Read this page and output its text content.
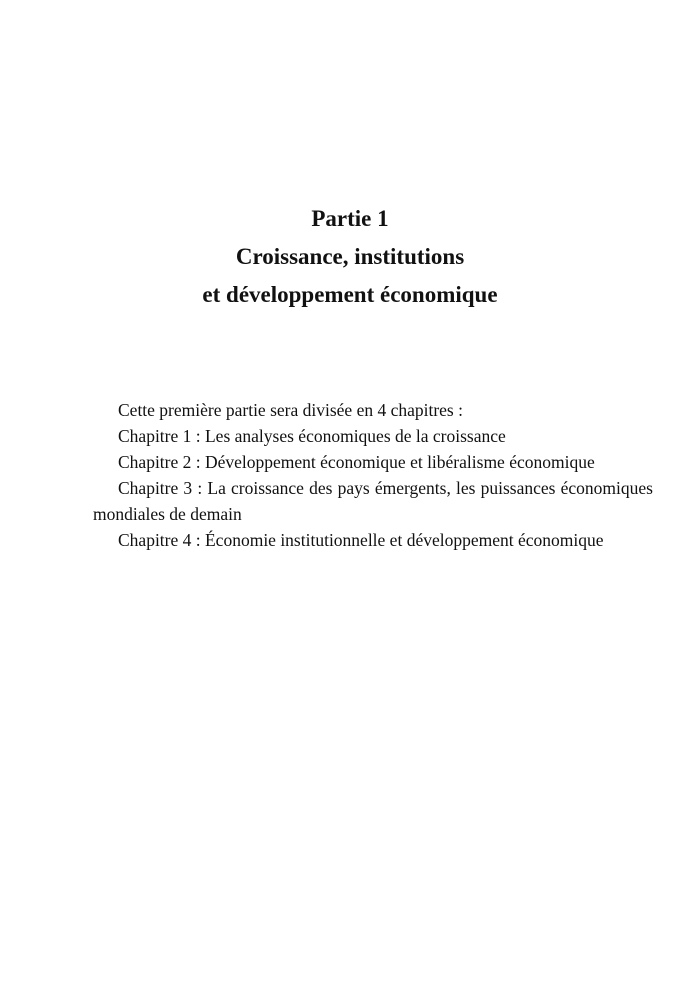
Partie 1
Croissance, institutions
et développement économique

Cette première partie sera divisée en 4 chapitres :

Chapitre 1 : Les analyses économiques de la croissance

Chapitre 2 : Développement économique et libéralisme économique

Chapitre 3 : La croissance des pays émergents, les puissances économiques mondiales de demain

Chapitre 4 : Économie institutionnelle et développement économique
